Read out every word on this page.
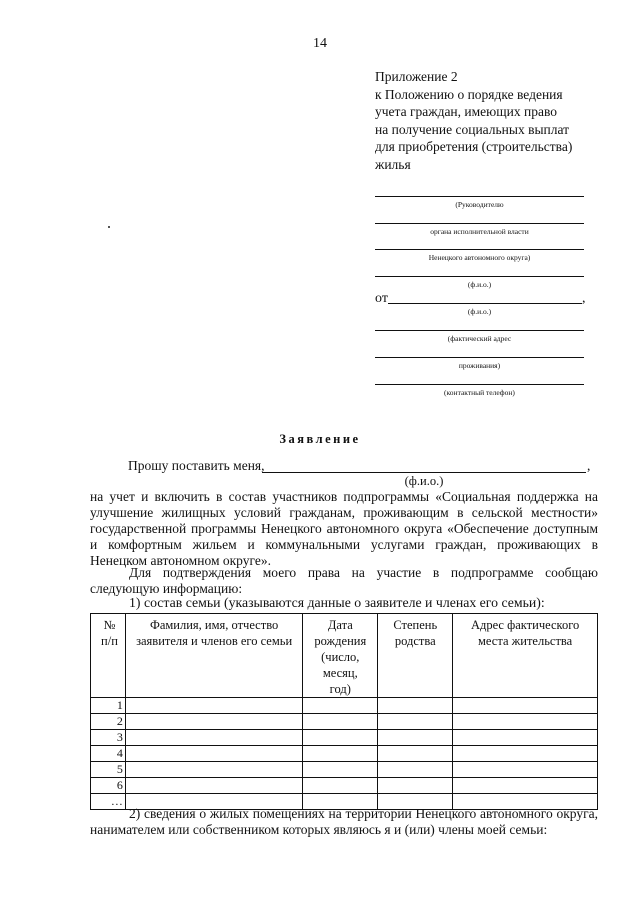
14
Приложение 2
к Положению о порядке ведения
учета граждан, имеющих право
на получение социальных выплат
для приобретения (строительства)
жилья
(Руководителю
органа исполнительной власти
Ненецкого автономного округа)
(ф.и.о.)
от	,
(ф.и.о.)
(фактический адрес
проживания)
(контактный телефон)
Заявление
Прошу поставить меня,	,
(ф.и.о.)
на учет и включить в состав участников подпрограммы «Социальная поддержка на улучшение жилищных условий гражданам, проживающим в сельской местности» государственной программы Ненецкого автономного округа «Обеспечение доступным и комфортным жильем и коммунальными услугами граждан, проживающих в Ненецком автономном округе».
Для подтверждения моего права на участие в подпрограмме сообщаю следующую информацию:
1) состав семьи (указываются данные о заявителе и членах его семьи):
№ п/п	Фамилия, имя, отчество заявителя и членов его семьи	Дата рождения (число, месяц, год)	Степень родства	Адрес фактического места жительства
1				
2				
3				
4				
5				
6				
…				
2) сведения о жилых помещениях на территории Ненецкого автономного округа, нанимателем или собственником которых являюсь я и (или) члены моей семьи:
